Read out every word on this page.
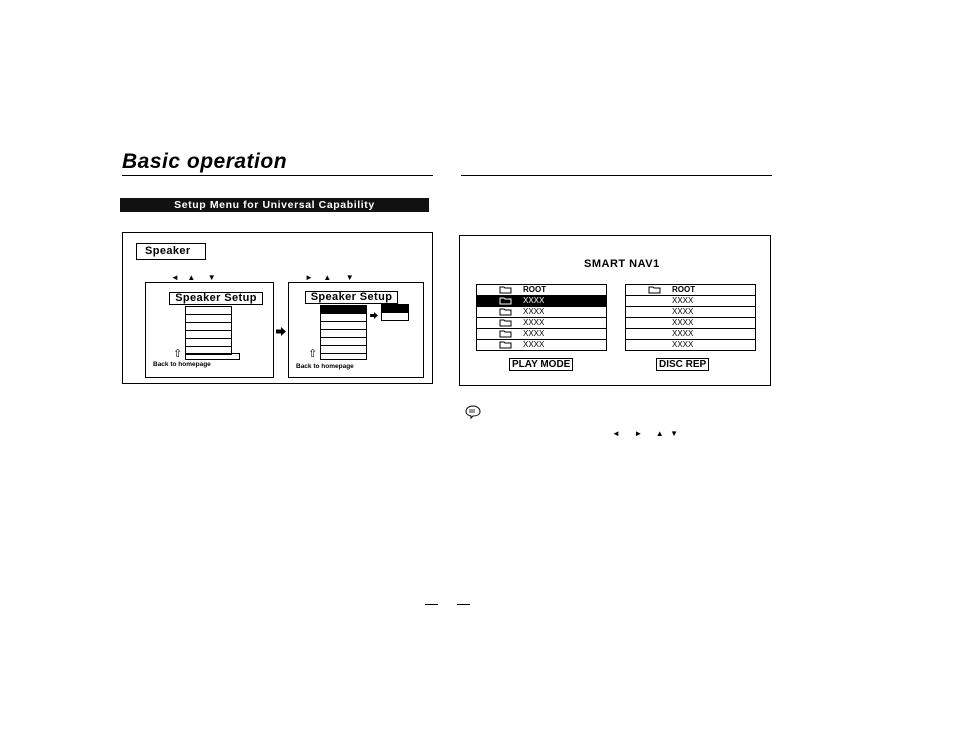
Basic operation
Setup Menu for Universal Capability
Speaker
◄ ▲ ▼	► ▲ ▼
Speaker Setup
⇧
Back to homepage
Speaker Setup
⇧
Back to homepage
SMART NAV1
ROOT
XXXX
XXXX
XXXX
XXXX
XXXX
ROOT
XXXX
XXXX
XXXX
XXXX
XXXX
PLAY MODE	DISC REP
◄ ► ▲ ▼
